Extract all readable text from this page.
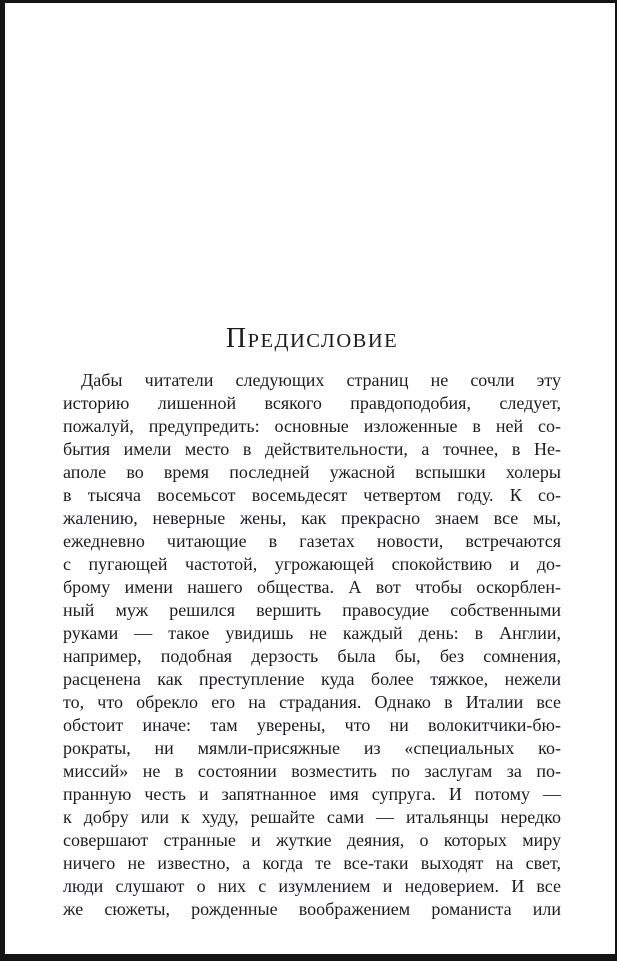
ПРЕДИСЛОВИЕ
Дабы читатели следующих страниц не сочли эту
историю лишенной всякого правдоподобия, следует,
пожалуй, предупредить: основные изложенные в ней со-
бытия имели место в действительности, а точнее, в Не-
аполе во время последней ужасной вспышки холеры
в тысяча восемьсот восемьдесят четвертом году. К со-
жалению, неверные жены, как прекрасно знаем все мы,
ежедневно читающие в газетах новости, встречаются
с пугающей частотой, угрожающей спокойствию и до-
брому имени нашего общества. А вот чтобы оскорблен-
ный муж решился вершить правосудие собственными
руками — такое увидишь не каждый день: в Англии,
например, подобная дерзость была бы, без сомнения,
расценена как преступление куда более тяжкое, нежели
то, что обрекло его на страдания. Однако в Италии все
обстоит иначе: там уверены, что ни волокитчики-бю-
рократы, ни мямли-присяжные из «специальных ко-
миссий» не в состоянии возместить по заслугам за по-
пранную честь и запятнанное имя супруга. И потому —
к добру или к худу, решайте сами — итальянцы нередко
совершают странные и жуткие деяния, о которых миру
ничего не известно, а когда те все-таки выходят на свет,
люди слушают о них с изумлением и недоверием. И все
же сюжеты, рожденные воображением романиста или
